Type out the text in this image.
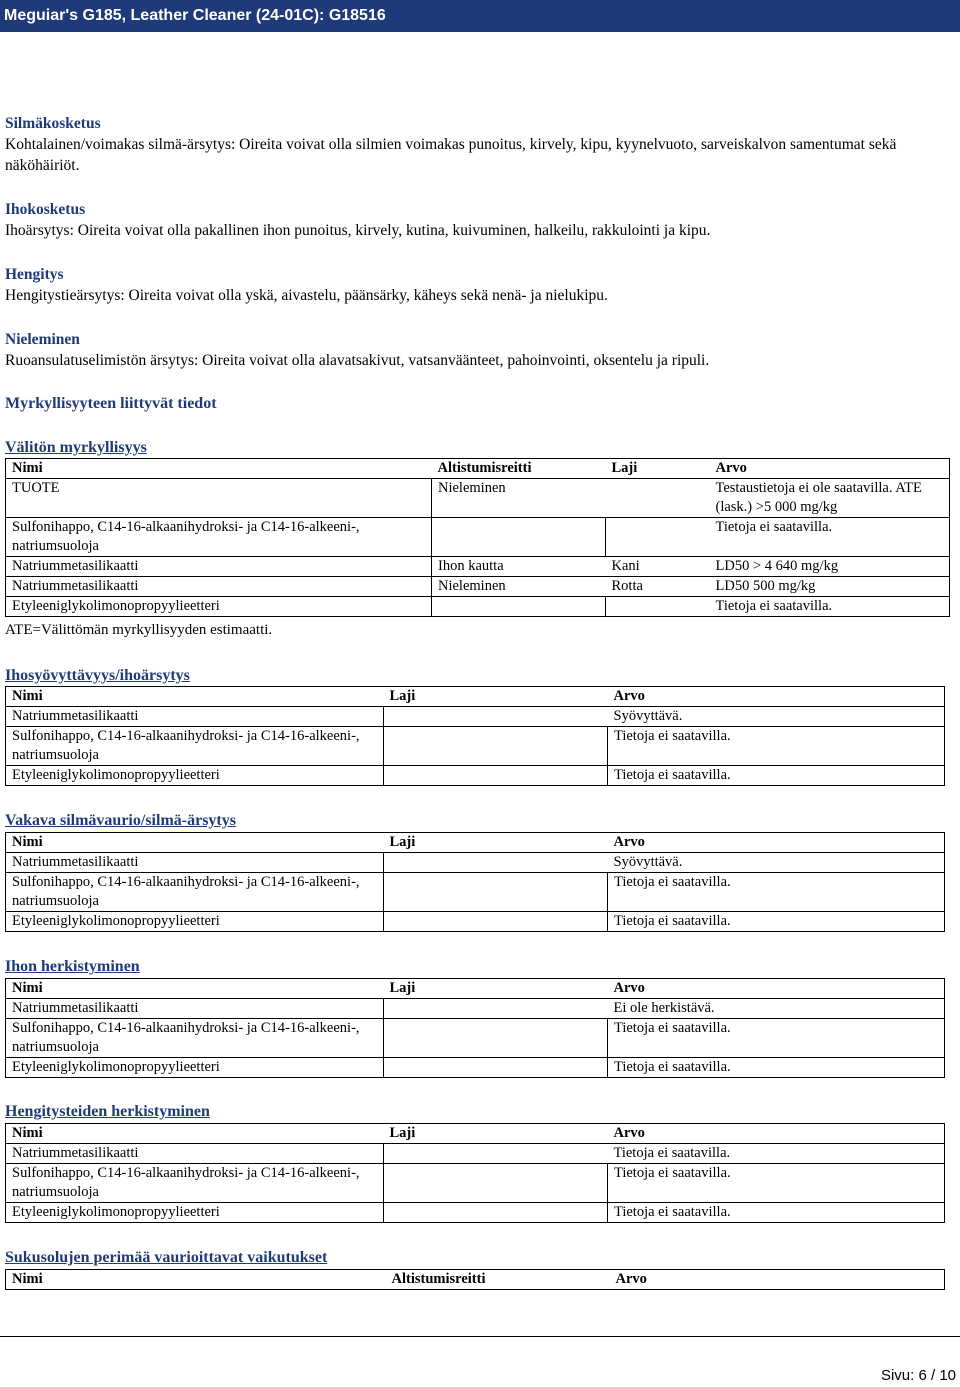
Meguiar's G185, Leather Cleaner (24-01C): G18516
Silmäkosketus
Kohtalainen/voimakas silmä-ärsytys: Oireita voivat olla silmien voimakas punoitus, kirvely, kipu, kyynelvuoto, sarveiskalvon samentumat sekä näköhäiriöt.
Ihokosketus
Ihoärsytys: Oireita voivat olla pakallinen ihon punoitus, kirvely, kutina, kuivuminen, halkeilu, rakkulointi ja kipu.
Hengitys
Hengitystieärsytys: Oireita voivat olla yskä, aivastelu, päänsärky, käheys sekä nenä- ja nielukipu.
Nieleminen
Ruoansulatuselimistön ärsytys: Oireita voivat olla alavatsakivut, vatsanväänteet, pahoinvointi, oksentelu ja ripuli.
Myrkyllisyyteen liittyvät tiedot
Välitön myrkyllisyys
Nimi	Altistumisreitti	Laji	Arvo
TUOTE	Nieleminen		Testaustietoja ei ole saatavilla. ATE (lask.) >5 000 mg/kg
Sulfonihappo, C14-16-alkaanihydroksi- ja C14-16-alkeeni-, natriumsuoloja			Tietoja ei saatavilla.
Natriummetasilikaatti	Ihon kautta	Kani	LD50 > 4 640 mg/kg
Natriummetasilikaatti	Nieleminen	Rotta	LD50 500 mg/kg
Etyleeniglykolimonopropyylieetteri			Tietoja ei saatavilla.
ATE=Välittömän myrkyllisyyden estimaatti.
Ihosyövyttävyys/ihoärsytys
Nimi	Laji	Arvo
Natriummetasilikaatti		Syövyttävä.
Sulfonihappo, C14-16-alkaanihydroksi- ja C14-16-alkeeni-, natriumsuoloja		Tietoja ei saatavilla.
Etyleeniglykolimonopropyylieetteri		Tietoja ei saatavilla.
Vakava silmävaurio/silmä-ärsytys
Nimi	Laji	Arvo
Natriummetasilikaatti		Syövyttävä.
Sulfonihappo, C14-16-alkaanihydroksi- ja C14-16-alkeeni-, natriumsuoloja		Tietoja ei saatavilla.
Etyleeniglykolimonopropyylieetteri		Tietoja ei saatavilla.
Ihon herkistyminen
Nimi	Laji	Arvo
Natriummetasilikaatti		Ei ole herkistävä.
Sulfonihappo, C14-16-alkaanihydroksi- ja C14-16-alkeeni-, natriumsuoloja		Tietoja ei saatavilla.
Etyleeniglykolimonopropyylieetteri		Tietoja ei saatavilla.
Hengitysteiden herkistyminen
Nimi	Laji	Arvo
Natriummetasilikaatti		Tietoja ei saatavilla.
Sulfonihappo, C14-16-alkaanihydroksi- ja C14-16-alkeeni-, natriumsuoloja		Tietoja ei saatavilla.
Etyleeniglykolimonopropyylieetteri		Tietoja ei saatavilla.
Sukusolujen perimää vaurioittavat vaikutukset
Nimi	Altistumisreitti	Arvo
Sivu: 6 / 10
